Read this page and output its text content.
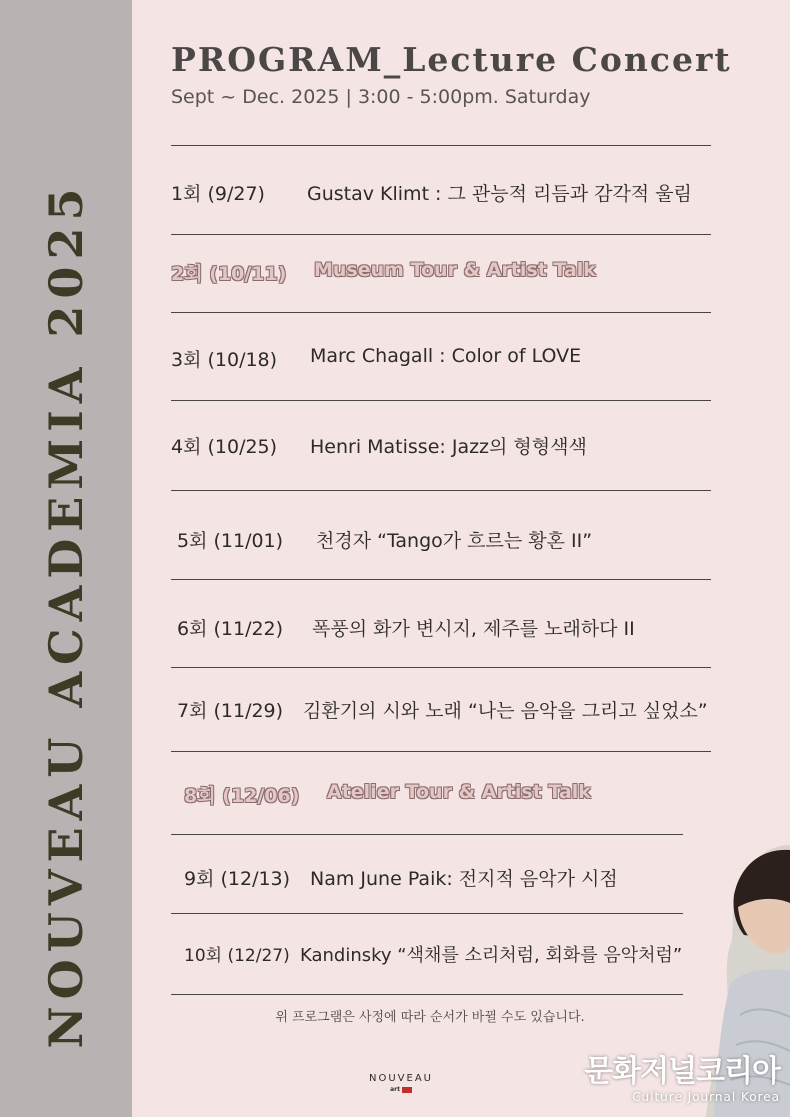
NOUVEAU ACADEMIA 2025
PROGRAM_Lecture Concert
Sept ~ Dec. 2025 | 3:00 - 5:00pm. Saturday
1회 (9/27) Gustav Klimt : 그 관능적 리듬과 감각적 울림
2회 (10/11) Museum Tour & Artist Talk
3회 (10/18) Marc Chagall : Color of LOVE
4회 (10/25) Henri Matisse: Jazz의 형형색색
5회 (11/01) 천경자 “Tango가 흐르는 황혼 II”
6회 (11/22) 폭풍의 화가 변시지, 제주를 노래하다 II
7회 (11/29) 김환기의 시와 노래 “나는 음악을 그리고 싶었소”
8회 (12/06) Atelier Tour & Artist Talk
9회 (12/13) Nam June Paik: 전지적 음악가 시점
10회 (12/27) Kandinsky “색채를 소리처럼, 회화를 음악처럼”
위 프로그램은 사정에 따라 순서가 바뀔 수도 있습니다.
NOUVEAU
art
문화저널코리아
Culture Journal Korea
